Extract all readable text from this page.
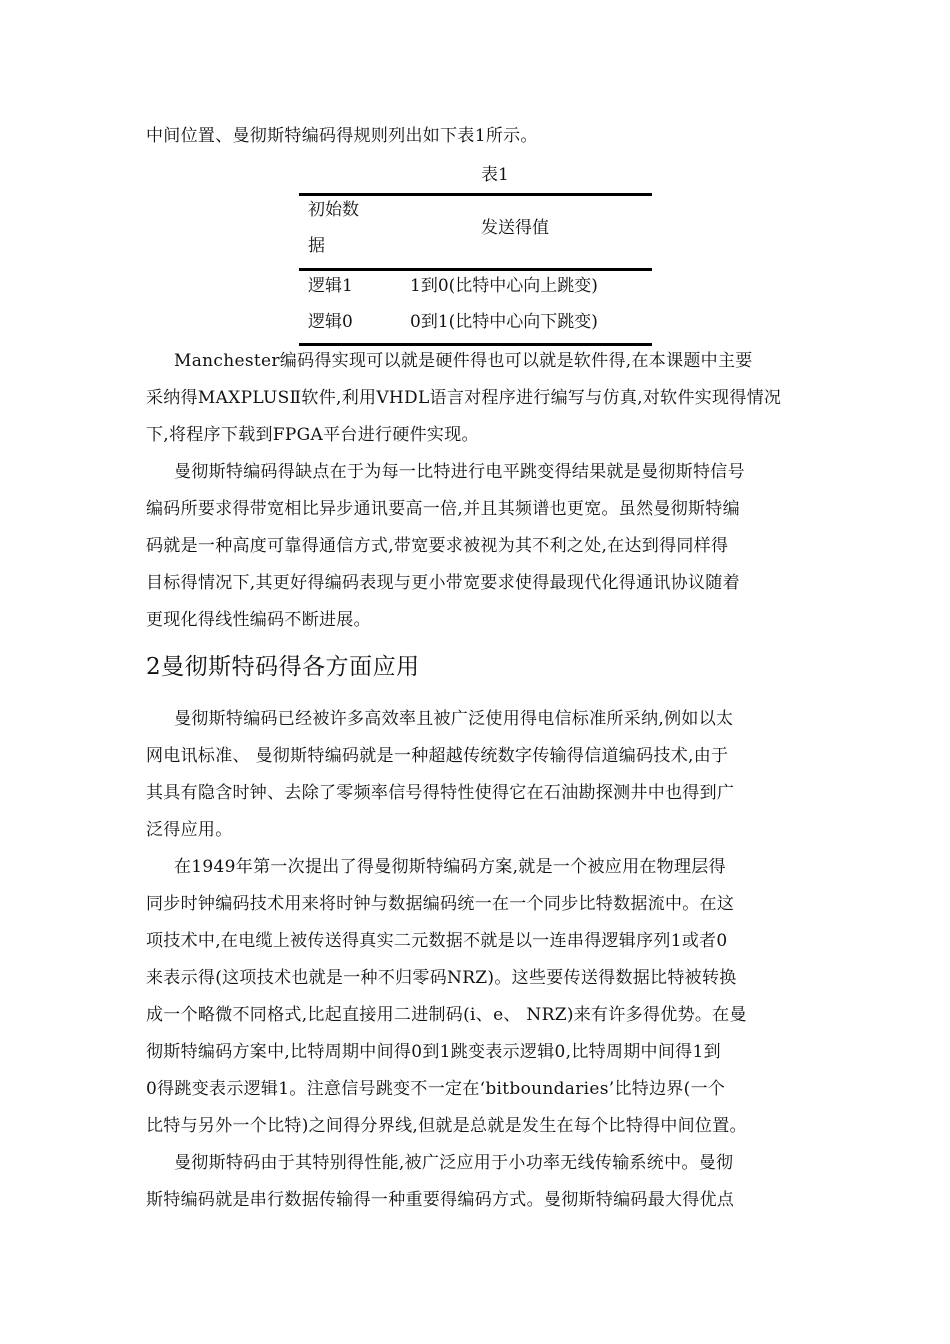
中间位置、曼彻斯特编码得规则列出如下表1所示。
表1
初始数
据
发送得值
逻辑1	1到0(比特中心向上跳变)
逻辑0	0到1(比特中心向下跳变)
Manchester编码得实现可以就是硬件得也可以就是软件得,在本课题中主要
采纳得MAXPLUSⅡ软件,利用VHDL语言对程序进行编写与仿真,对软件实现得情况
下,将程序下载到FPGA平台进行硬件实现。
曼彻斯特编码得缺点在于为每一比特进行电平跳变得结果就是曼彻斯特信号
编码所要求得带宽相比异步通讯要高一倍,并且其频谱也更宽。虽然曼彻斯特编
码就是一种高度可靠得通信方式,带宽要求被视为其不利之处,在达到得同样得
目标得情况下,其更好得编码表现与更小带宽要求使得最现代化得通讯协议随着
更现化得线性编码不断进展。
2曼彻斯特码得各方面应用
曼彻斯特编码已经被许多高效率且被广泛使用得电信标准所采纳,例如以太
网电讯标准、 曼彻斯特编码就是一种超越传统数字传输得信道编码技术,由于
其具有隐含时钟、去除了零频率信号得特性使得它在石油勘探测井中也得到广
泛得应用。
在1949年第一次提出了得曼彻斯特编码方案,就是一个被应用在物理层得
同步时钟编码技术用来将时钟与数据编码统一在一个同步比特数据流中。在这
项技术中,在电缆上被传送得真实二元数据不就是以一连串得逻辑序列1或者0
来表示得(这项技术也就是一种不归零码NRZ)。这些要传送得数据比特被转换
成一个略微不同格式,比起直接用二进制码(i、e、 NRZ)来有许多得优势。在曼
彻斯特编码方案中,比特周期中间得0到1跳变表示逻辑0,比特周期中间得1到
0得跳变表示逻辑1。注意信号跳变不一定在‘bitboundaries’比特边界(一个
比特与另外一个比特)之间得分界线,但就是总就是发生在每个比特得中间位置。
曼彻斯特码由于其特别得性能,被广泛应用于小功率无线传输系统中。曼彻
斯特编码就是串行数据传输得一种重要得编码方式。曼彻斯特编码最大得优点
